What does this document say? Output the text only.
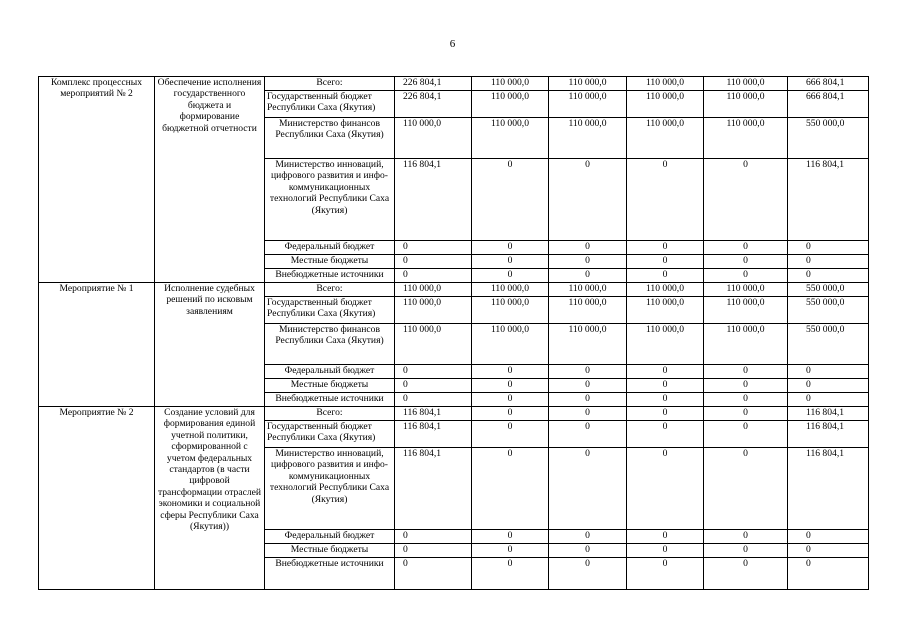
6
Комплекс процессных мероприятий № 2	Обеспечение исполнения государственного бюджета и формирование бюджетной отчетности	Всего:	226 804,1	110 000,0	110 000,0	110 000,0	110 000,0	666 804,1
		Государственный бюджет Республики Саха (Якутия)	226 804,1	110 000,0	110 000,0	110 000,0	110 000,0	666 804,1
		Министерство финансов Республики Саха (Якутия)	110 000,0	110 000,0	110 000,0	110 000,0	110 000,0	550 000,0
		Министерство инноваций, цифрового развития и инфо-коммуникационных технологий Республики Саха (Якутия)	116 804,1	0	0	0	0	116 804,1
		Федеральный бюджет	0	0	0	0	0	0
		Местные бюджеты	0	0	0	0	0	0
		Внебюджетные источники	0	0	0	0	0	0
Мероприятие № 1	Исполнение судебных решений по исковым заявлениям	Всего:	110 000,0	110 000,0	110 000,0	110 000,0	110 000,0	550 000,0
		Государственный бюджет Республики Саха (Якутия)	110 000,0	110 000,0	110 000,0	110 000,0	110 000,0	550 000,0
		Министерство финансов Республики Саха (Якутия)	110 000,0	110 000,0	110 000,0	110 000,0	110 000,0	550 000,0
		Федеральный бюджет	0	0	0	0	0	0
		Местные бюджеты	0	0	0	0	0	0
		Внебюджетные источники	0	0	0	0	0	0
Мероприятие № 2	Создание условий для формирования единой учетной политики, сформированной с учетом федеральных стандартов (в части цифровой трансформации отраслей экономики и социальной сферы Республики Саха (Якутия))	Всего:	116 804,1	0	0	0	0	116 804,1
		Государственный бюджет Республики Саха (Якутия)	116 804,1	0	0	0	0	116 804,1
		Министерство инноваций, цифрового развития и инфо-коммуникационных технологий Республики Саха (Якутия)	116 804,1	0	0	0	0	116 804,1
		Федеральный бюджет	0	0	0	0	0	0
		Местные бюджеты	0	0	0	0	0	0
		Внебюджетные источники	0	0	0	0	0	0
